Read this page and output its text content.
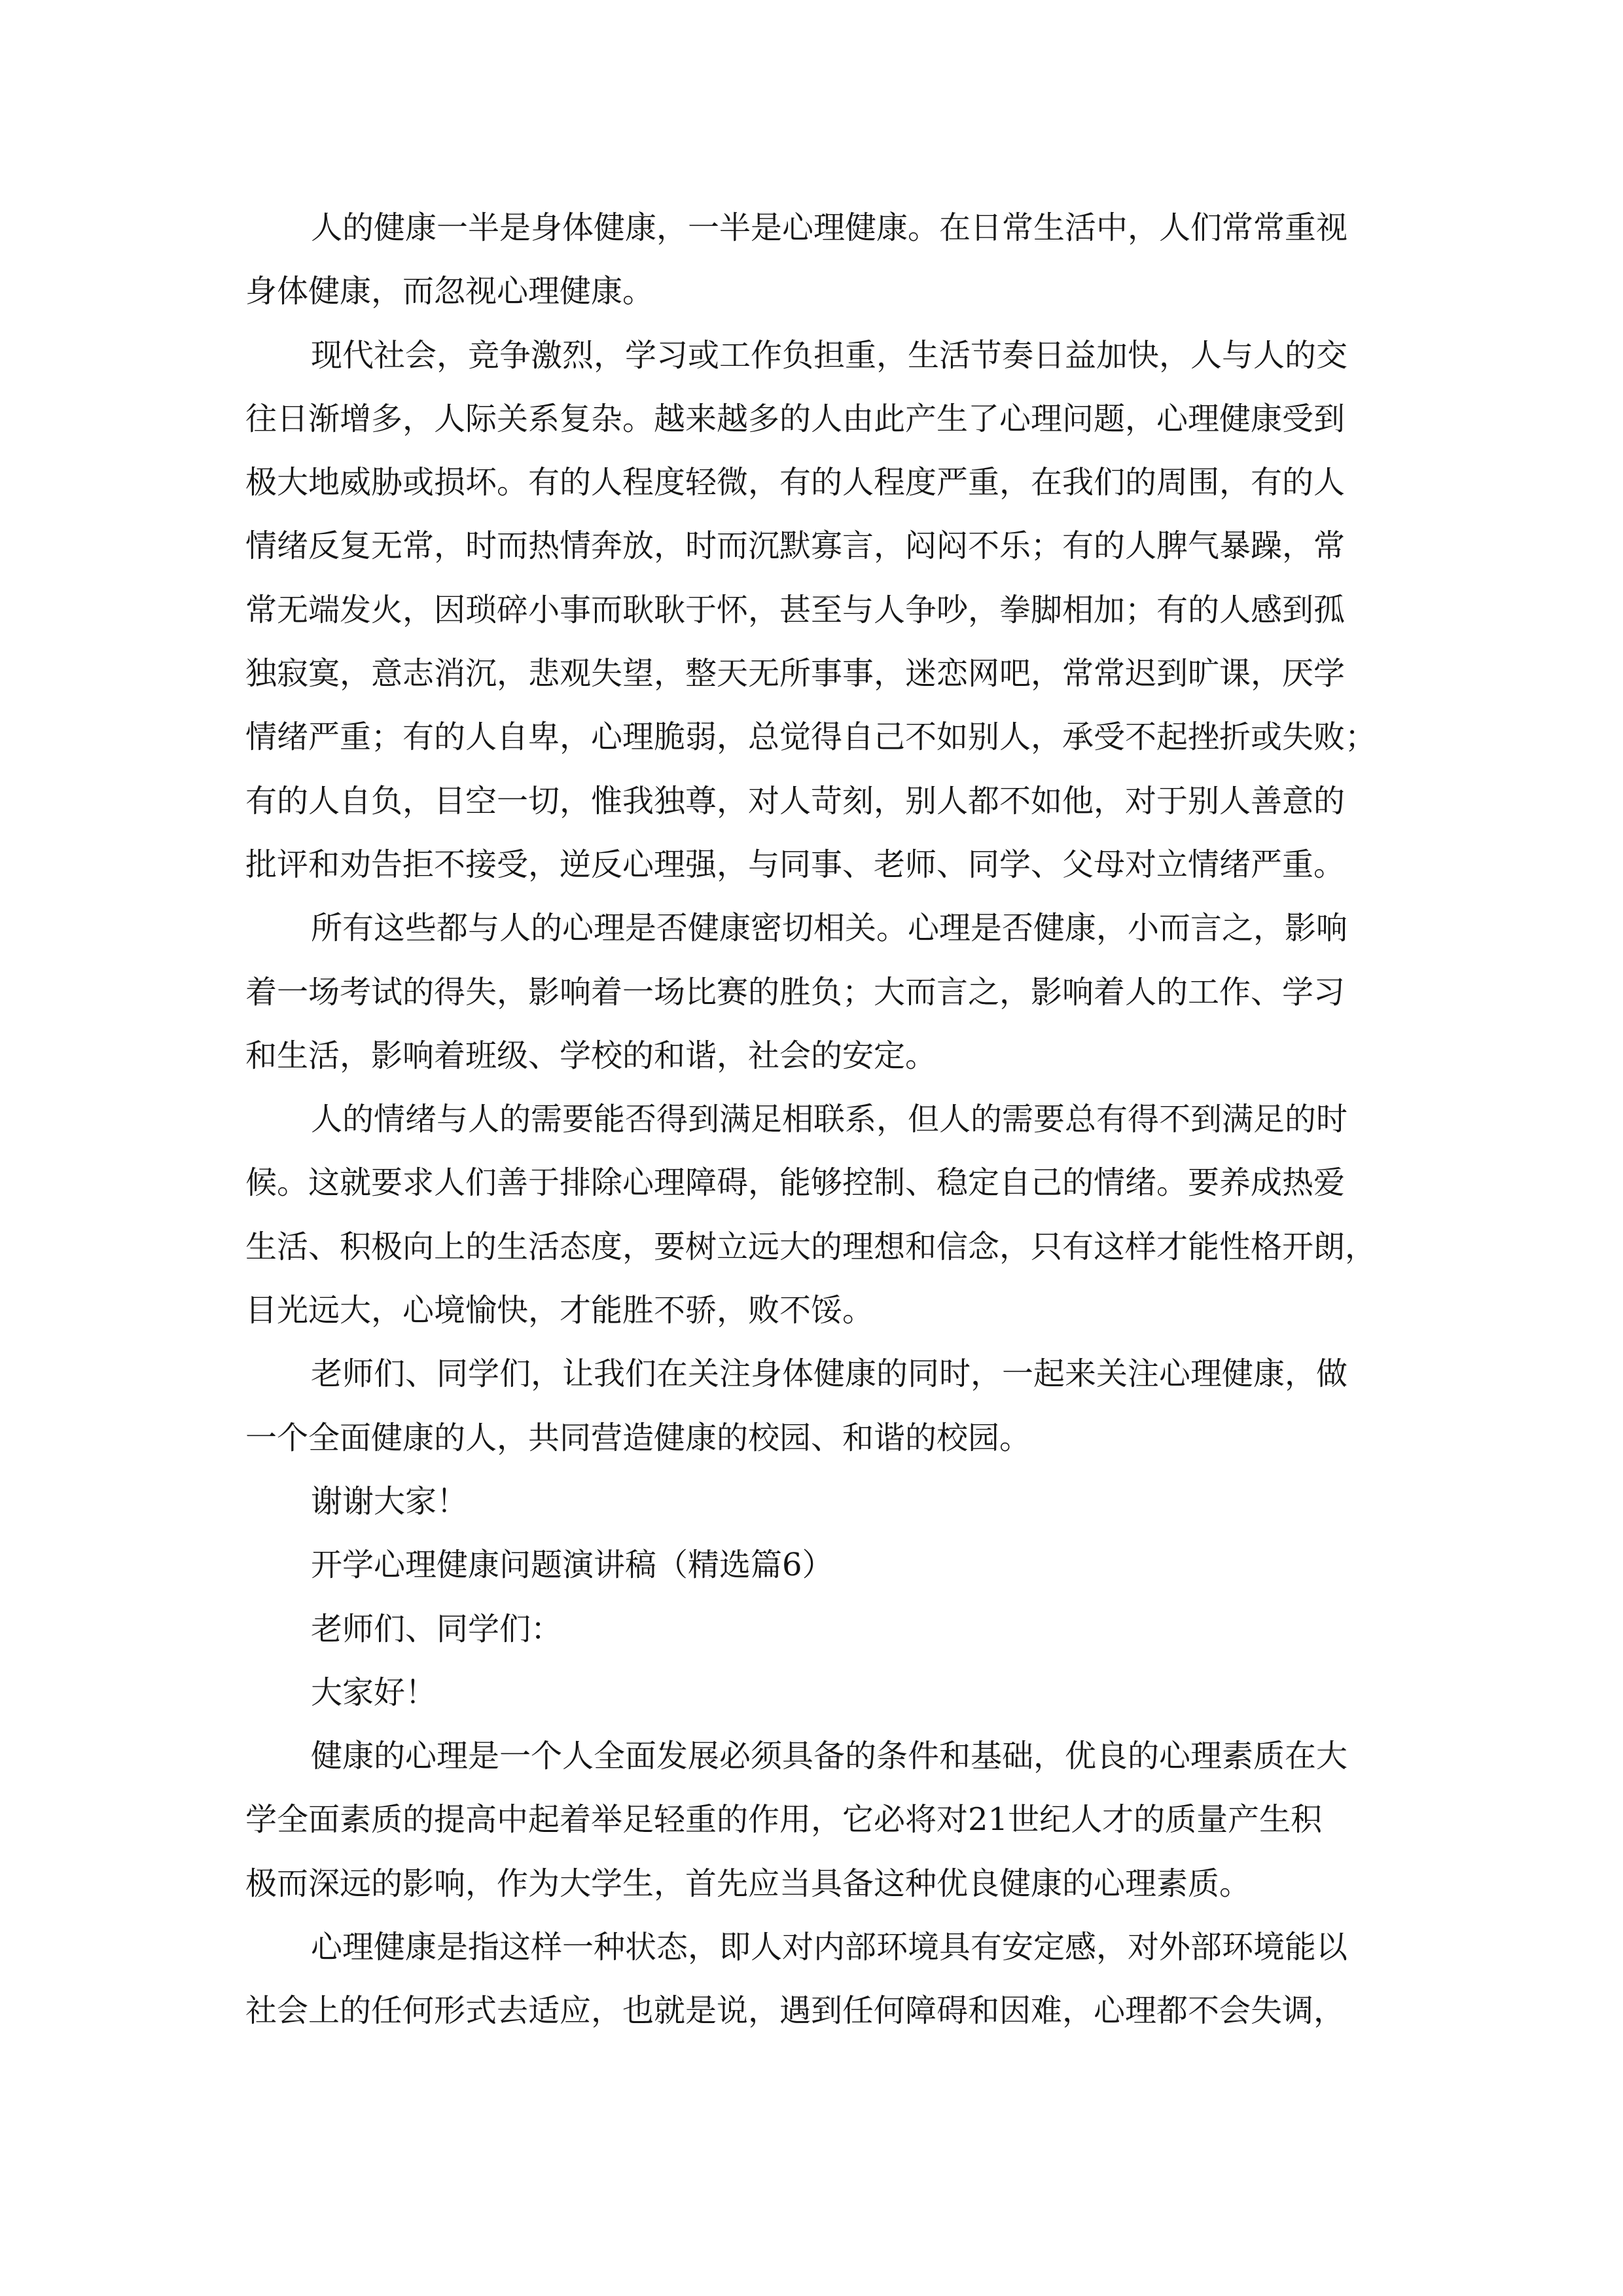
人的健康一半是身体健康，一半是心理健康。在日常生活中，人们常常重视
身体健康，而忽视心理健康。
现代社会，竞争激烈，学习或工作负担重，生活节奏日益加快，人与人的交
往日渐增多，人际关系复杂。越来越多的人由此产生了心理问题，心理健康受到
极大地威胁或损坏。有的人程度轻微，有的人程度严重，在我们的周围，有的人
情绪反复无常，时而热情奔放，时而沉默寡言，闷闷不乐；有的人脾气暴躁，常
常无端发火，因琐碎小事而耿耿于怀，甚至与人争吵，拳脚相加；有的人感到孤
独寂寞，意志消沉，悲观失望，整天无所事事，迷恋网吧，常常迟到旷课，厌学
情绪严重；有的人自卑，心理脆弱，总觉得自己不如别人，承受不起挫折或失败；
有的人自负，目空一切，惟我独尊，对人苛刻，别人都不如他，对于别人善意的
批评和劝告拒不接受，逆反心理强，与同事、老师、同学、父母对立情绪严重。
所有这些都与人的心理是否健康密切相关。心理是否健康，小而言之，影响
着一场考试的得失，影响着一场比赛的胜负；大而言之，影响着人的工作、学习
和生活，影响着班级、学校的和谐，社会的安定。
人的情绪与人的需要能否得到满足相联系，但人的需要总有得不到满足的时
候。这就要求人们善于排除心理障碍，能够控制、稳定自己的情绪。要养成热爱
生活、积极向上的生活态度，要树立远大的理想和信念，只有这样才能性格开朗，
目光远大，心境愉快，才能胜不骄，败不馁。
老师们、同学们，让我们在关注身体健康的同时，一起来关注心理健康，做
一个全面健康的人，共同营造健康的校园、和谐的校园。
谢谢大家！
开学心理健康问题演讲稿（精选篇6）
老师们、同学们：
大家好！
健康的心理是一个人全面发展必须具备的条件和基础，优良的心理素质在大
学全面素质的提高中起着举足轻重的作用，它必将对21世纪人才的质量产生积
极而深远的影响，作为大学生，首先应当具备这种优良健康的心理素质。
心理健康是指这样一种状态，即人对内部环境具有安定感，对外部环境能以
社会上的任何形式去适应，也就是说，遇到任何障碍和因难，心理都不会失调，
